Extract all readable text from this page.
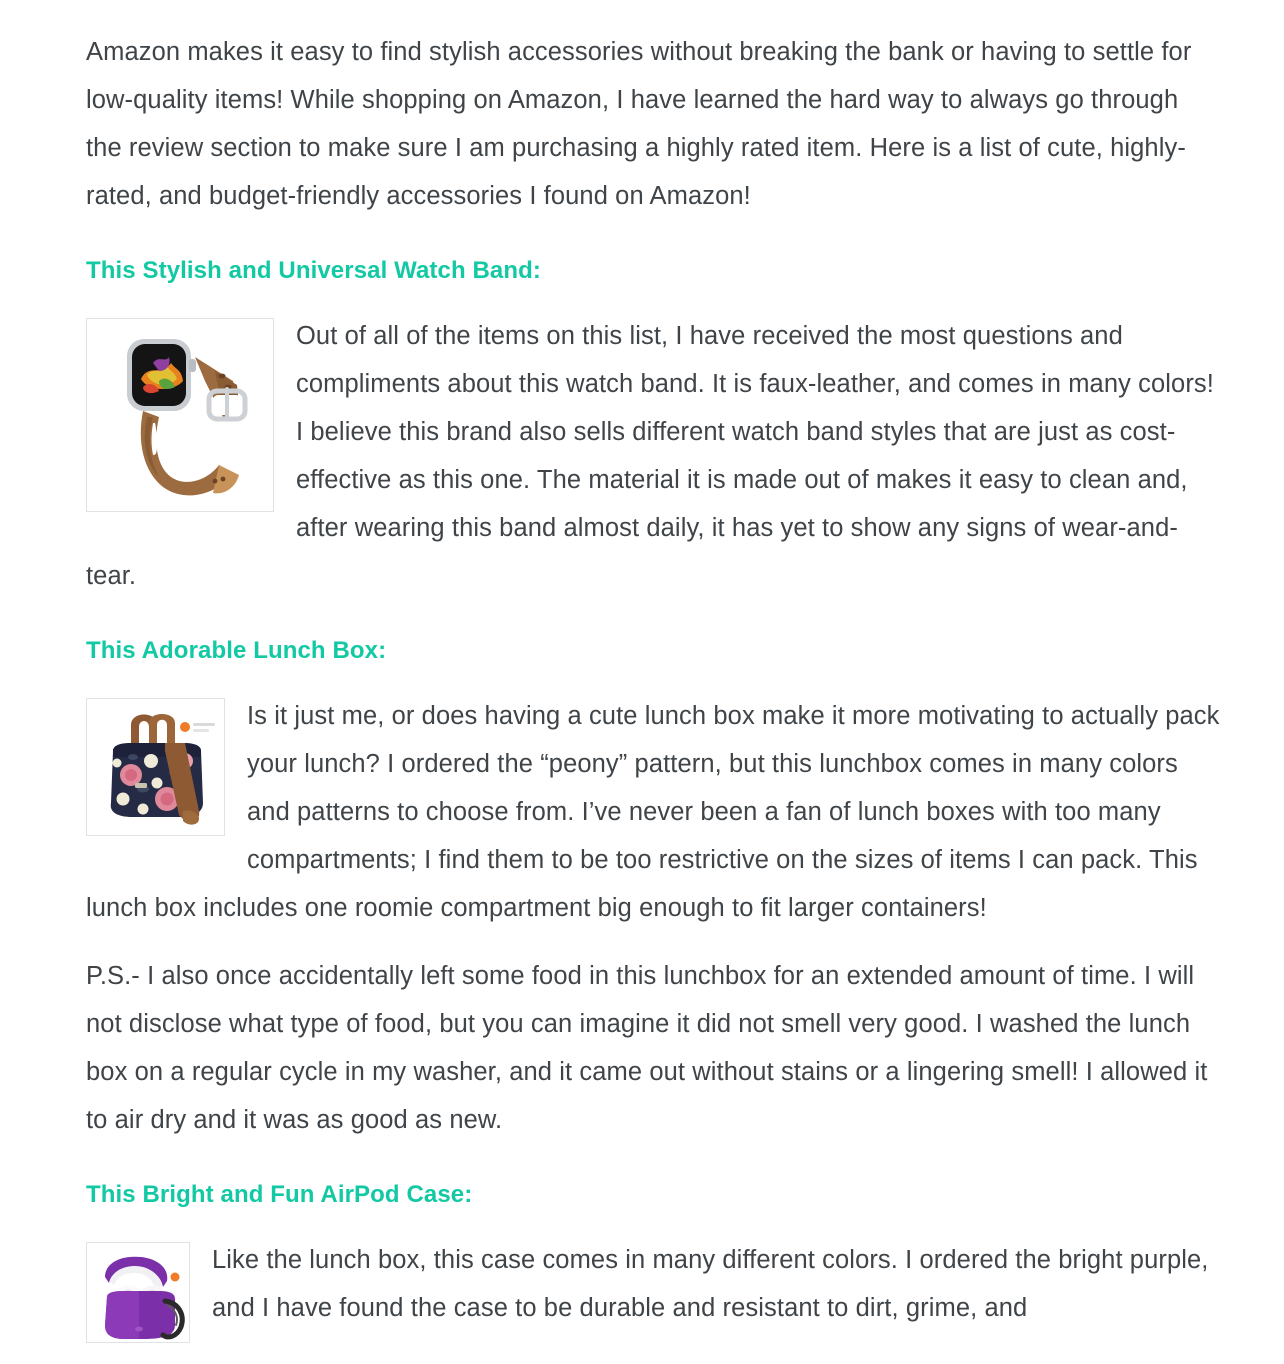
Amazon makes it easy to find stylish accessories without breaking the bank or having to settle for low-quality items! While shopping on Amazon, I have learned the hard way to always go through the review section to make sure I am purchasing a highly rated item. Here is a list of cute, highly-rated, and budget-friendly accessories I found on Amazon!

This Stylish and Universal Watch Band:
Out of all of the items on this list, I have received the most questions and compliments about this watch band. It is faux-leather, and comes in many colors! I believe this brand also sells different watch band styles that are just as cost-effective as this one. The material it is made out of makes it easy to clean and, after wearing this band almost daily, it has yet to show any signs of wear-and-tear.
This Adorable Lunch Box:
Is it just me, or does having a cute lunch box make it more motivating to actually pack your lunch? I ordered the “peony” pattern, but this lunchbox comes in many colors and patterns to choose from. I’ve never been a fan of lunch boxes with too many compartments; I find them to be too restrictive on the sizes of items I can pack. This lunch box includes one roomie compartment big enough to fit larger containers!

P.S.- I also once accidentally left some food in this lunchbox for an extended amount of time. I will not disclose what type of food, but you can imagine it did not smell very good. I washed the lunch box on a regular cycle in my washer, and it came out without stains or a lingering smell! I allowed it to air dry and it was as good as new.

This Bright and Fun AirPod Case:
Like the lunch box, this case comes in many different colors. I ordered the bright purple, and I have found the case to be durable and resistant to dirt, grime, and
